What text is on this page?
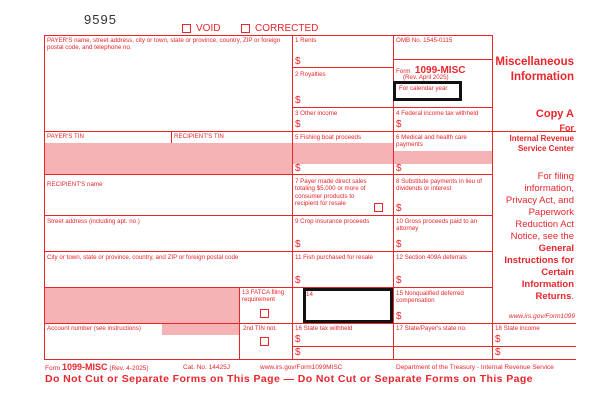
9595
VOID	CORRECTED
PAYER'S name, street address, city or town, state or province, country, ZIP or foreign postal code, and telephone no.
PAYER'S TIN	RECIPIENT'S TIN
RECIPIENT'S name
Street address (including apt. no.)
City or town, state or province, country, and ZIP or foreign postal code
13 FATCA filing requirement
Account number (see instructions)	2nd TIN not.
1 Rents
$
2 Royalties
$
3 Other income
$
5 Fishing boat proceeds
$
7 Payer made direct sales totaling $5,000 or more of consumer products to recipient for resale
9 Crop insurance proceeds
$
11 Fish purchased for resale
$
14
16 State tax withheld
$
$
OMB No. 1545-0115
Form 1099-MISC
(Rev. April 2025)
For calendar year
4 Federal income tax withheld
$
6 Medical and health care payments
$
8 Substitute payments in lieu of dividends or interest
$
10 Gross proceeds paid to an attorney
$
12 Section 409A deferrals
$
15 Nonqualified deferred compensation
$
17 State/Payer's state no.
Miscellaneous
Information
Copy A
For
Internal Revenue
Service Center
For filing
information,
Privacy Act, and
Paperwork
Reduction Act
Notice, see the
General
Instructions for
Certain
Information
Returns.
www.irs.gov/Form1099
18 State income
$
$
Form 1099-MISC (Rev. 4-2025)	Cat. No. 14425J	www.irs.gov/Form1099MISC	Department of the Treasury - Internal Revenue Service
Do Not Cut or Separate Forms on This Page — Do Not Cut or Separate Forms on This Page
